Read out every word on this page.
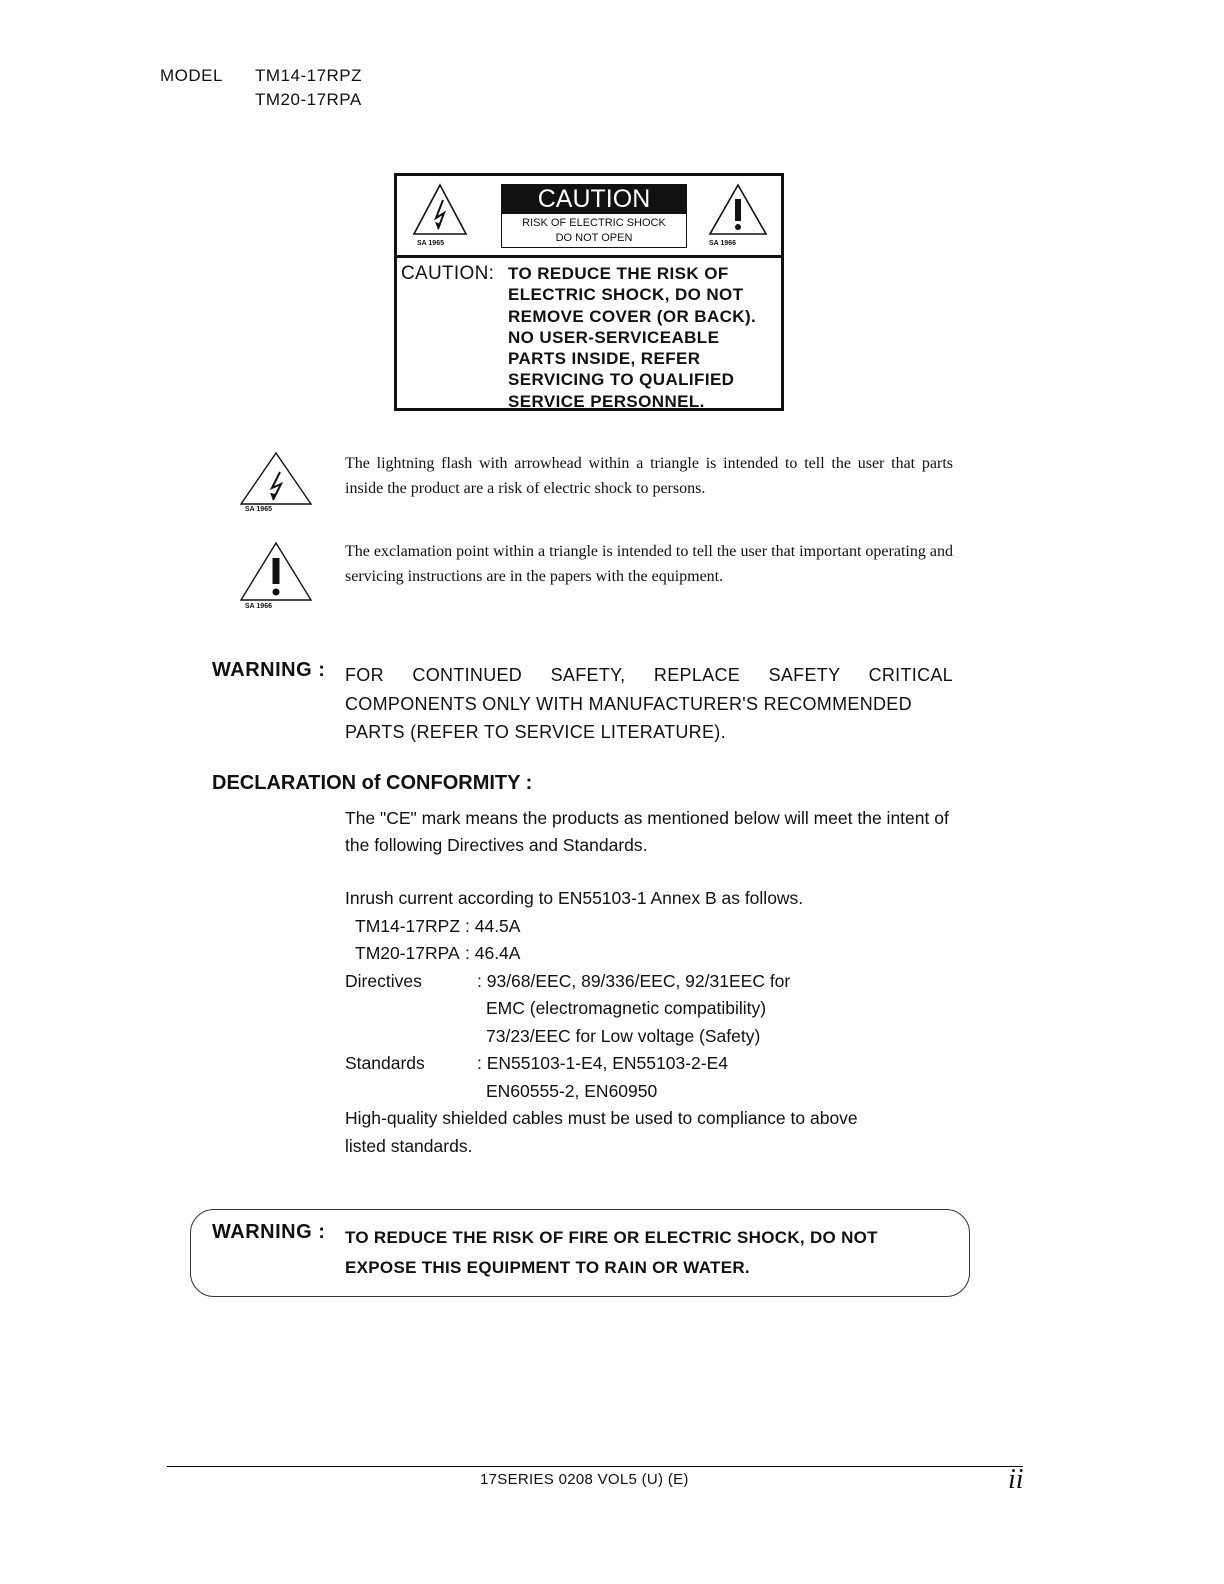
MODEL TM14-17RPZ
TM20-17RPA
SA 1965
CAUTION
RISK OF ELECTRIC SHOCK
DO NOT OPEN	SA 1966
CAUTION: TO REDUCE THE RISK OF
ELECTRIC SHOCK, DO NOT
REMOVE COVER (OR BACK).
NO USER-SERVICEABLE
PARTS INSIDE, REFER
SERVICING TO QUALIFIED
SERVICE PERSONNEL.
SA 1965
The lightning flash with arrowhead within a triangle is intended to tell the user that parts inside the product are a risk of electric shock to persons.
SA 1966
The exclamation point within a triangle is intended to tell the user that important operating and servicing instructions are in the papers with the equipment.
WARNING : FOR CONTINUED SAFETY, REPLACE SAFETY CRITICAL
COMPONENTS ONLY WITH MANUFACTURER'S RECOMMENDED
PARTS (REFER TO SERVICE LITERATURE).
DECLARATION of CONFORMITY :
The "CE" mark means the products as mentioned below will meet the intent of the following Directives and Standards.
Inrush current according to EN55103-1 Annex B as follows.
TM14-17RPZ : 44.5A
TM20-17RPA : 46.4A
Directives	: 93/68/EEC, 89/336/EEC, 92/31EEC for
EMC (electromagnetic compatibility)
73/23/EEC for Low voltage (Safety)
Standards	: EN55103-1-E4, EN55103-2-E4
EN60555-2, EN60950
High-quality shielded cables must be used to compliance to above
listed standards.
WARNING : TO REDUCE THE RISK OF FIRE OR ELECTRIC SHOCK, DO NOT
EXPOSE THIS EQUIPMENT TO RAIN OR WATER.
17SERIES 0208 VOL5 (U) (E)	ii
